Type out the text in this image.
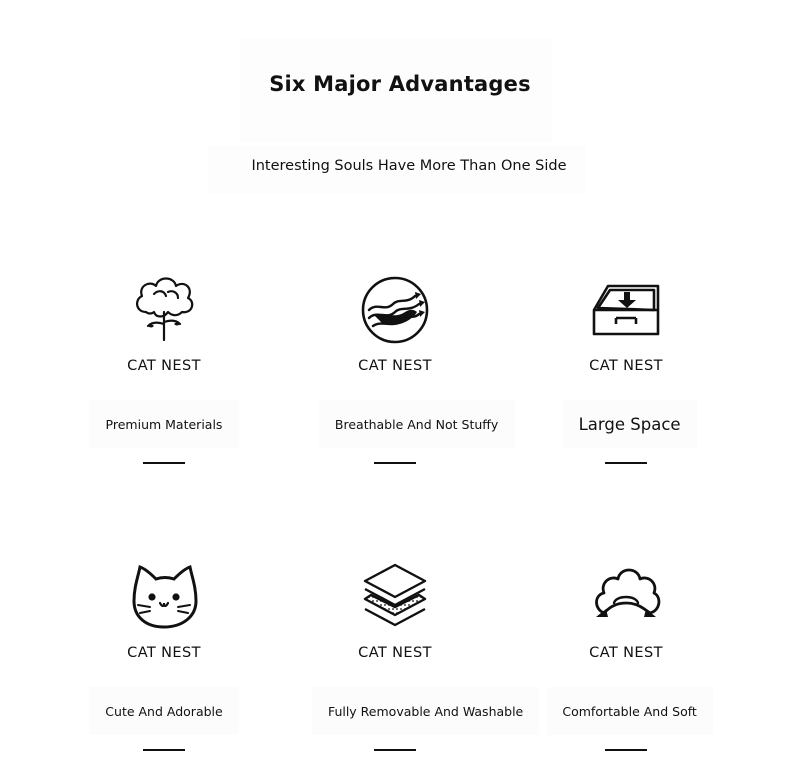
Six Major Advantages
Interesting Souls Have More Than One Side
CAT NEST
Premium Materials
CAT NEST
Breathable And Not Stuffy
CAT NEST
Large Space
CAT NEST
Cute And Adorable
CAT NEST
Fully Removable And Washable
CAT NEST
Comfortable And Soft
